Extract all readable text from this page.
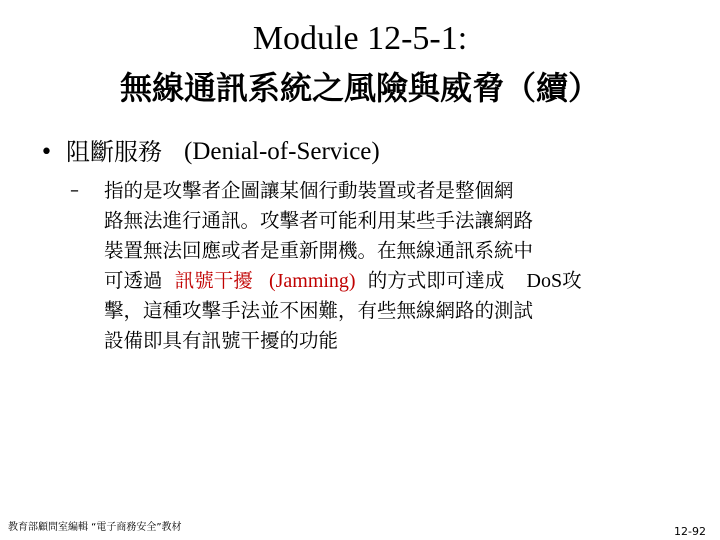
Module 12-5-1:
無線通訊系統之風險與威脅（續）
• 阻斷服務 (Denial-of-Service)
–	指的是攻擊者企圖讓某個行動裝置或者是整個網
路無法進行通訊。攻擊者可能利用某些手法讓網路
裝置無法回應或者是重新開機。在無線通訊系統中
可透過 訊號干擾 (Jamming) 的方式即可達成 DoS攻
擊，這種攻擊手法並不困難，有些無線網路的測試
設備即具有訊號干擾的功能
教育部顧問室編輯 “電子商務安全”教材	12-92
